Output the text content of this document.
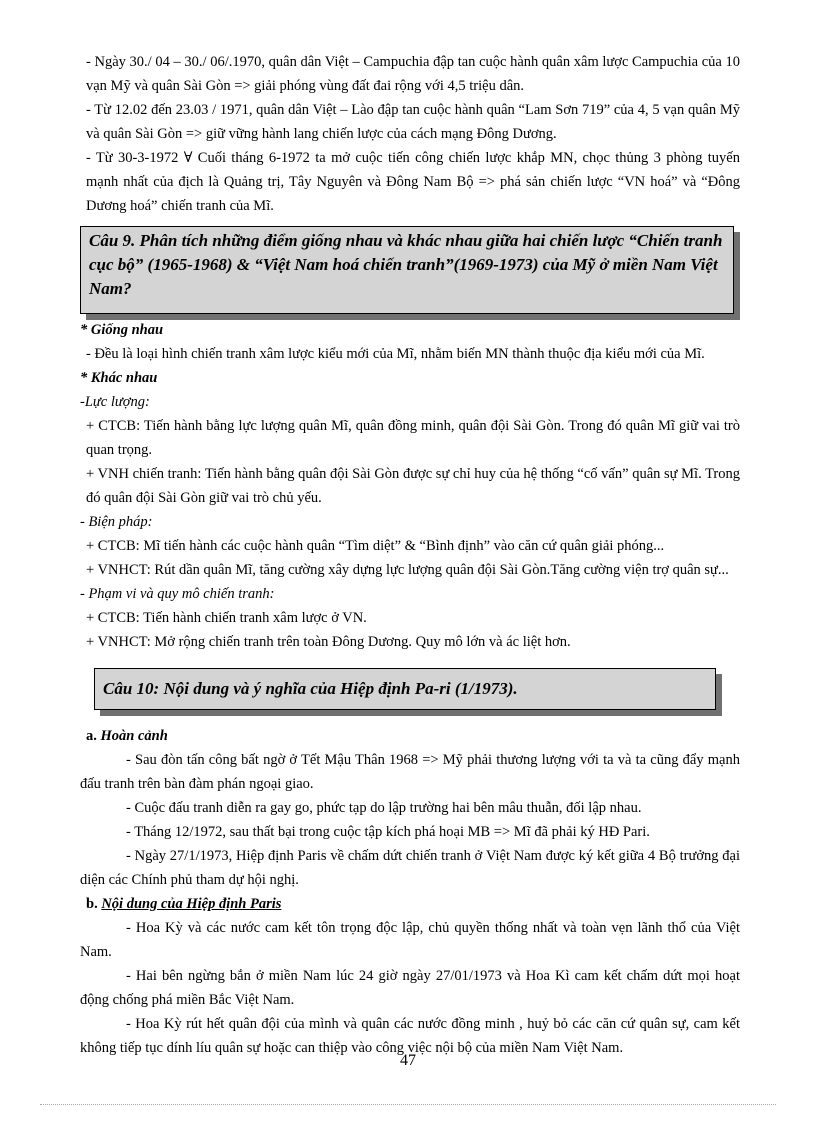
- Ngày 30./ 04 – 30./ 06/.1970, quân dân Việt – Campuchia đập tan cuộc hành quân xâm lược Campuchia của 10 vạn Mỹ và quân Sài Gòn => giải phóng vùng đất đai rộng với 4,5 triệu dân.

- Từ 12.02 đến 23.03 / 1971, quân dân Việt – Lào đập tan cuộc hành quân “Lam Sơn 719” của 4, 5 vạn quân Mỹ và quân Sài Gòn => giữ vững hành lang chiến lược của cách mạng Đông Dương.

- Từ 30-3-1972 ∀ Cuối tháng 6-1972 ta mở cuộc tiến công chiến lược khắp MN, chọc thủng 3 phòng tuyến mạnh nhất của địch là Quảng trị, Tây Nguyên và Đông Nam Bộ => phá sản chiến lược “VN hoá” và “Đông Dương hoá” chiến tranh của Mĩ.

Câu 9. Phân tích những điểm giống nhau và khác nhau giữa hai chiến lược “Chiến tranh cục bộ” (1965-1968) & “Việt Nam hoá chiến tranh”(1969-1973) của Mỹ ở miền Nam Việt Nam?

* Giống nhau

- Đều là loại hình chiến tranh xâm lược kiểu mới của Mĩ, nhằm biến MN thành thuộc địa kiểu mới của Mĩ.

* Khác nhau

-Lực lượng:

+ CTCB: Tiến hành bằng lực lượng quân Mĩ, quân đồng minh, quân đội Sài Gòn. Trong đó quân Mĩ giữ vai trò quan trọng.

+ VNH chiến tranh: Tiến hành bằng quân đội Sài Gòn được sự chỉ huy của hệ thống “cố vấn” quân sự Mĩ. Trong đó quân đội Sài Gòn giữ vai trò chủ yếu.

- Biện pháp:

+ CTCB: Mĩ tiến hành các cuộc hành quân “Tìm diệt” & “Bình định” vào căn cứ quân giải phóng...

+ VNHCT: Rút dần quân Mĩ, tăng cường xây dựng lực lượng quân đội Sài Gòn.Tăng cường viện trợ quân sự...

- Phạm vi và quy mô chiến tranh:

+ CTCB: Tiến hành chiến tranh xâm lược ở VN.

+ VNHCT: Mở rộng chiến tranh trên toàn Đông Dương. Quy mô lớn và ác liệt hơn.

Câu 10: Nội dung và ý nghĩa của Hiệp định Pa-ri (1/1973).

a. Hoàn cảnh

- Sau đòn tấn công bất ngờ ở Tết Mậu Thân 1968 => Mỹ phải thương lượng với ta và ta cũng đẩy mạnh đấu tranh trên bàn đàm phán ngoại giao.

- Cuộc đấu tranh diễn ra gay go, phức tạp do lập trường hai bên mâu thuẫn, đối lập nhau.

- Tháng 12/1972, sau thất bại trong cuộc tập kích phá hoại MB => Mĩ đã phải ký HĐ Pari.

- Ngày 27/1/1973, Hiệp định Paris về chấm dứt chiến tranh ở Việt Nam được ký kết giữa 4 Bộ trưởng đại diện các Chính phủ tham dự hội nghị.

b. Nội dung của Hiệp định Paris

- Hoa Kỳ và các nước cam kết tôn trọng độc lập, chủ quyền thống nhất và toàn vẹn lãnh thổ của Việt Nam.

- Hai bên ngừng bắn ở miền Nam lúc 24 giờ ngày 27/01/1973 và Hoa Kì cam kết chấm dứt mọi hoạt động chống phá miền Bắc Việt Nam.

- Hoa Kỳ rút hết quân đội của mình và quân các nước đồng minh , huỷ bỏ các căn cứ quân sự, cam kết không tiếp tục dính líu quân sự hoặc can thiệp vào công việc nội bộ của miền Nam Việt Nam.

47
